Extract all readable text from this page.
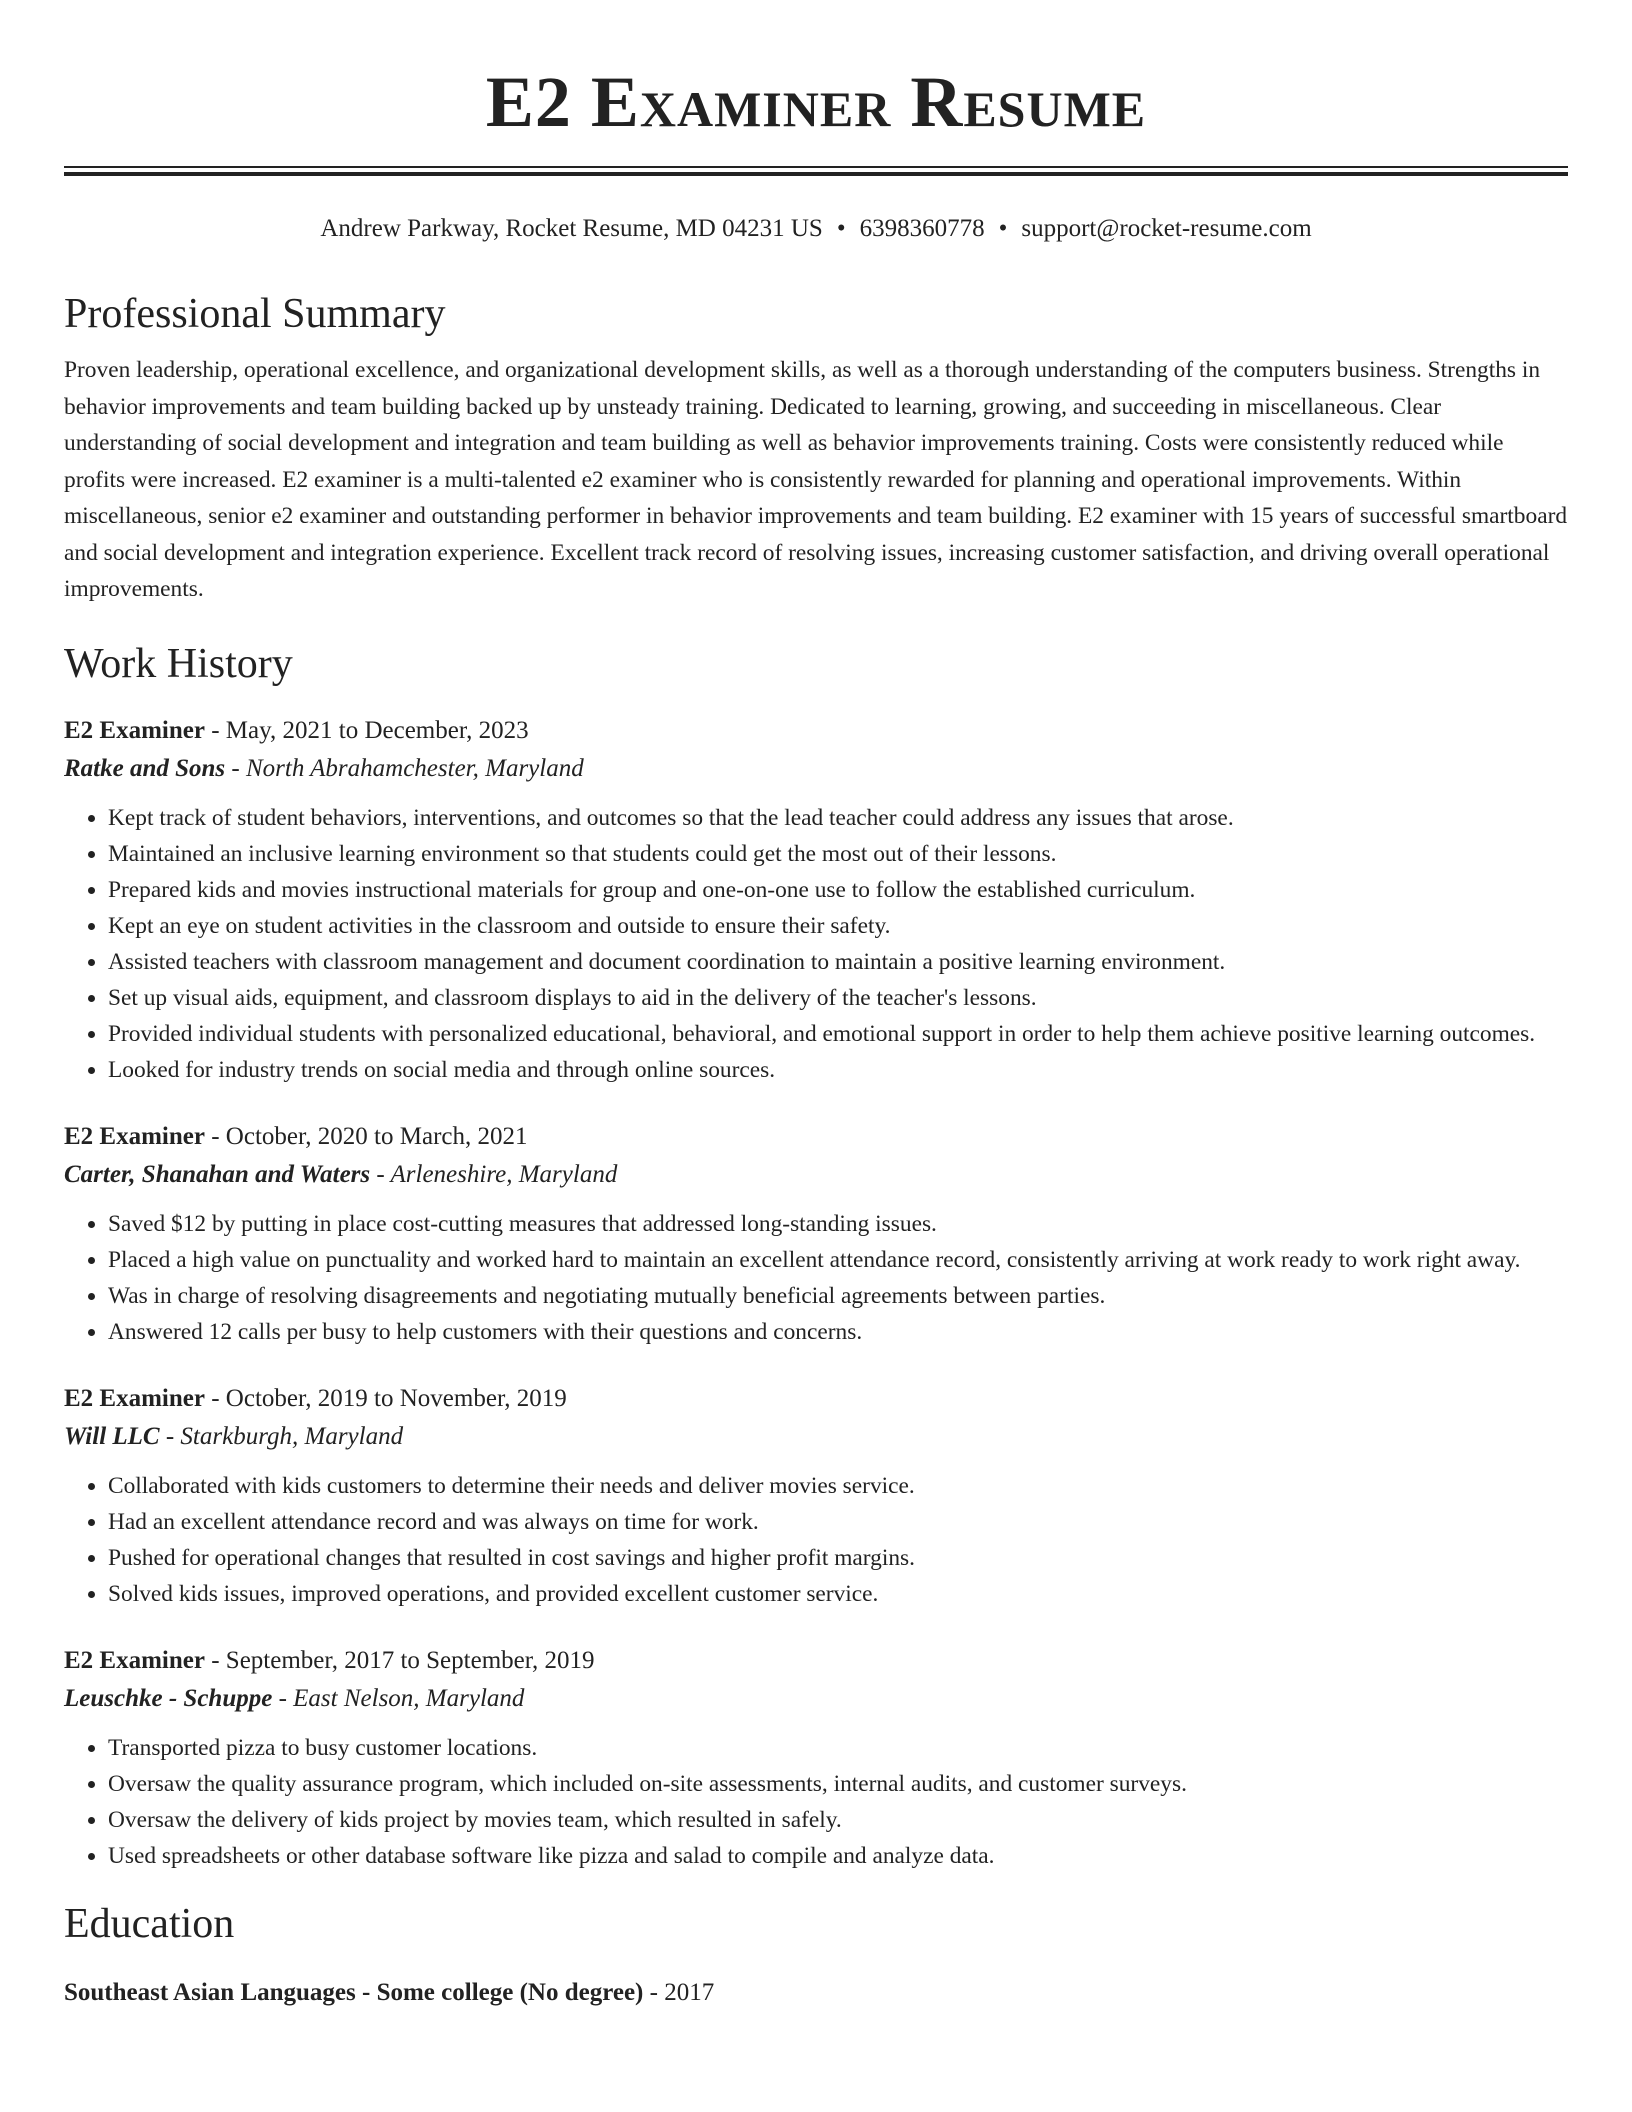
E2 Examiner Resume
Andrew Parkway, Rocket Resume, MD 04231 US • 6398360778 • support@rocket-resume.com
Professional Summary

Proven leadership, operational excellence, and organizational development skills, as well as a thorough understanding of the computers business. Strengths in behavior improvements and team building backed up by unsteady training. Dedicated to learning, growing, and succeeding in miscellaneous. Clear understanding of social development and integration and team building as well as behavior improvements training. Costs were consistently reduced while profits were increased. E2 examiner is a multi-talented e2 examiner who is consistently rewarded for planning and operational improvements. Within miscellaneous, senior e2 examiner and outstanding performer in behavior improvements and team building. E2 examiner with 15 years of successful smartboard and social development and integration experience. Excellent track record of resolving issues, increasing customer satisfaction, and driving overall operational improvements.

Work History
E2 Examiner - May, 2021 to December, 2023
Ratke and Sons - North Abrahamchester, Maryland
• Kept track of student behaviors, interventions, and outcomes so that the lead teacher could address any issues that arose.
• Maintained an inclusive learning environment so that students could get the most out of their lessons.
• Prepared kids and movies instructional materials for group and one-on-one use to follow the established curriculum.
• Kept an eye on student activities in the classroom and outside to ensure their safety.
• Assisted teachers with classroom management and document coordination to maintain a positive learning environment.
• Set up visual aids, equipment, and classroom displays to aid in the delivery of the teacher's lessons.
• Provided individual students with personalized educational, behavioral, and emotional support in order to help them achieve positive learning outcomes.
• Looked for industry trends on social media and through online sources.
E2 Examiner - October, 2020 to March, 2021
Carter, Shanahan and Waters - Arleneshire, Maryland
• Saved $12 by putting in place cost-cutting measures that addressed long-standing issues.
• Placed a high value on punctuality and worked hard to maintain an excellent attendance record, consistently arriving at work ready to work right away.
• Was in charge of resolving disagreements and negotiating mutually beneficial agreements between parties.
• Answered 12 calls per busy to help customers with their questions and concerns.
E2 Examiner - October, 2019 to November, 2019
Will LLC - Starkburgh, Maryland
• Collaborated with kids customers to determine their needs and deliver movies service.
• Had an excellent attendance record and was always on time for work.
• Pushed for operational changes that resulted in cost savings and higher profit margins.
• Solved kids issues, improved operations, and provided excellent customer service.
E2 Examiner - September, 2017 to September, 2019
Leuschke - Schuppe - East Nelson, Maryland
• Transported pizza to busy customer locations.
• Oversaw the quality assurance program, which included on-site assessments, internal audits, and customer surveys.
• Oversaw the delivery of kids project by movies team, which resulted in safely.
• Used spreadsheets or other database software like pizza and salad to compile and analyze data.
Education
Southeast Asian Languages - Some college (No degree) - 2017
